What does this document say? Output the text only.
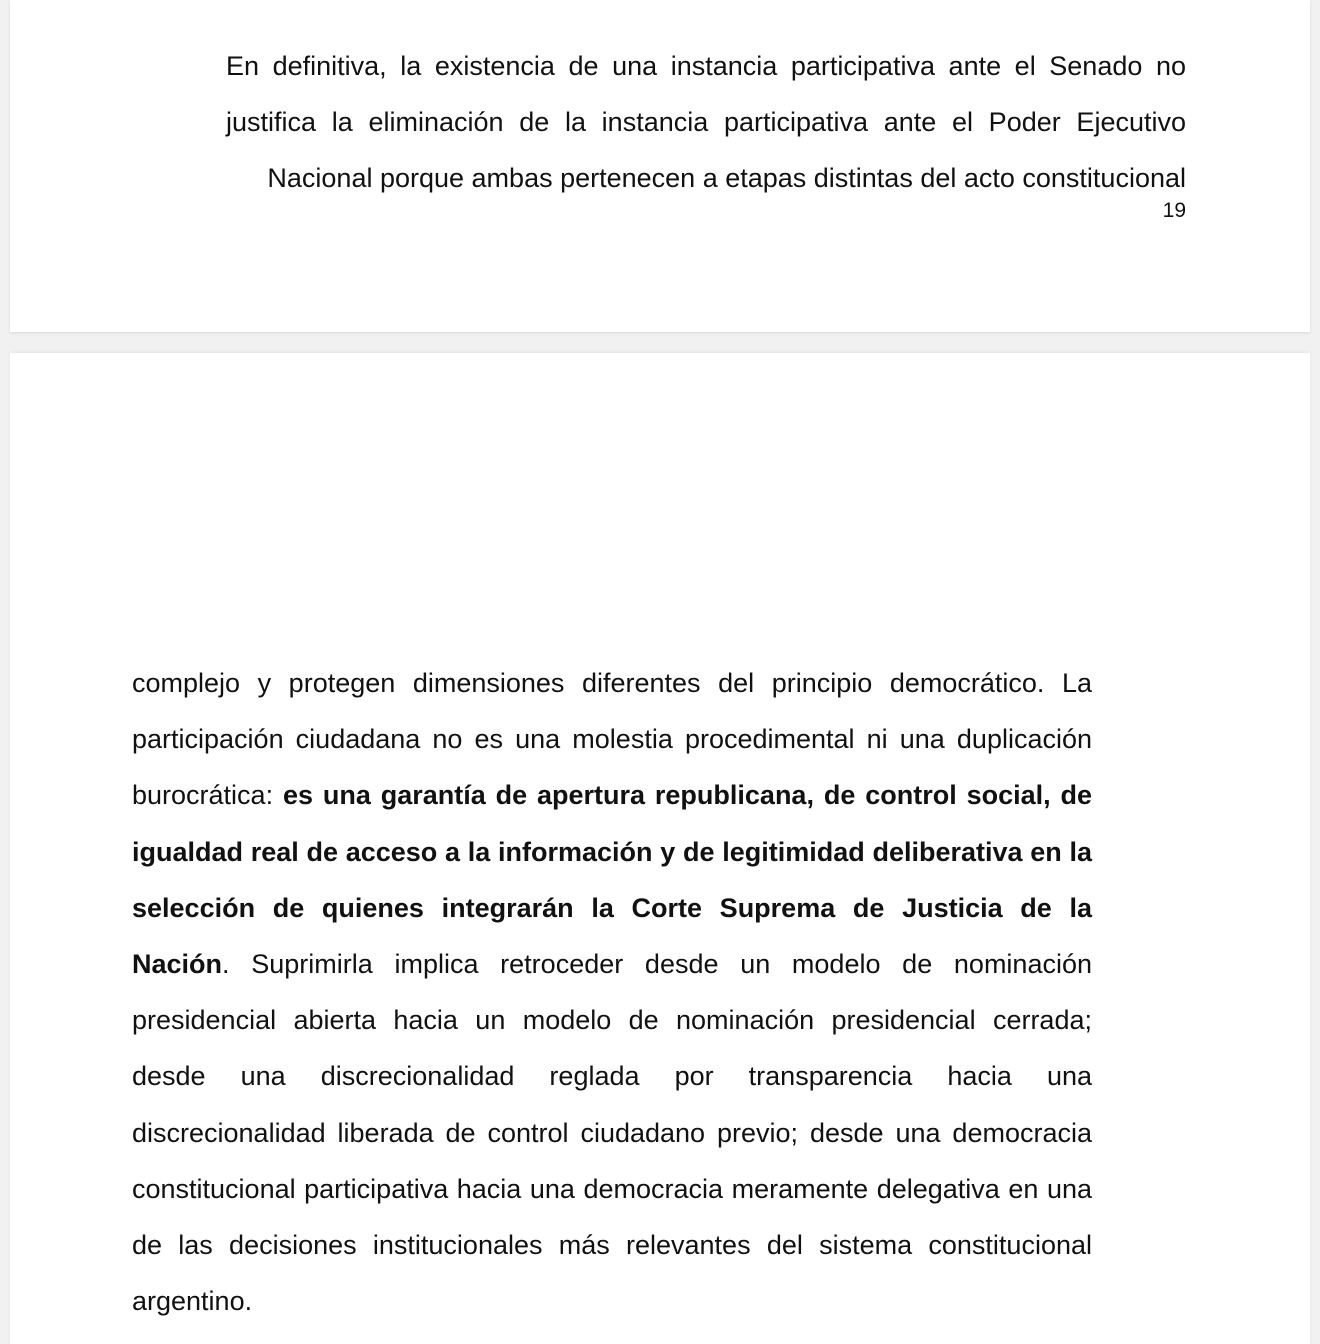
En definitiva, la existencia de una instancia participativa ante el Senado no justifica la eliminación de la instancia participativa ante el Poder Ejecutivo Nacional porque ambas pertenecen a etapas distintas del acto constitucional
19

complejo y protegen dimensiones diferentes del principio democrático. La participación ciudadana no es una molestia procedimental ni una duplicación burocrática: es una garantía de apertura republicana, de control social, de igualdad real de acceso a la información y de legitimidad deliberativa en la selección de quienes integrarán la Corte Suprema de Justicia de la Nación. Suprimirla implica retroceder desde un modelo de nominación presidencial abierta hacia un modelo de nominación presidencial cerrada; desde una discrecionalidad reglada por transparencia hacia una discrecionalidad liberada de control ciudadano previo; desde una democracia constitucional participativa hacia una democracia meramente delegativa en una de las decisiones institucionales más relevantes del sistema constitucional argentino.
